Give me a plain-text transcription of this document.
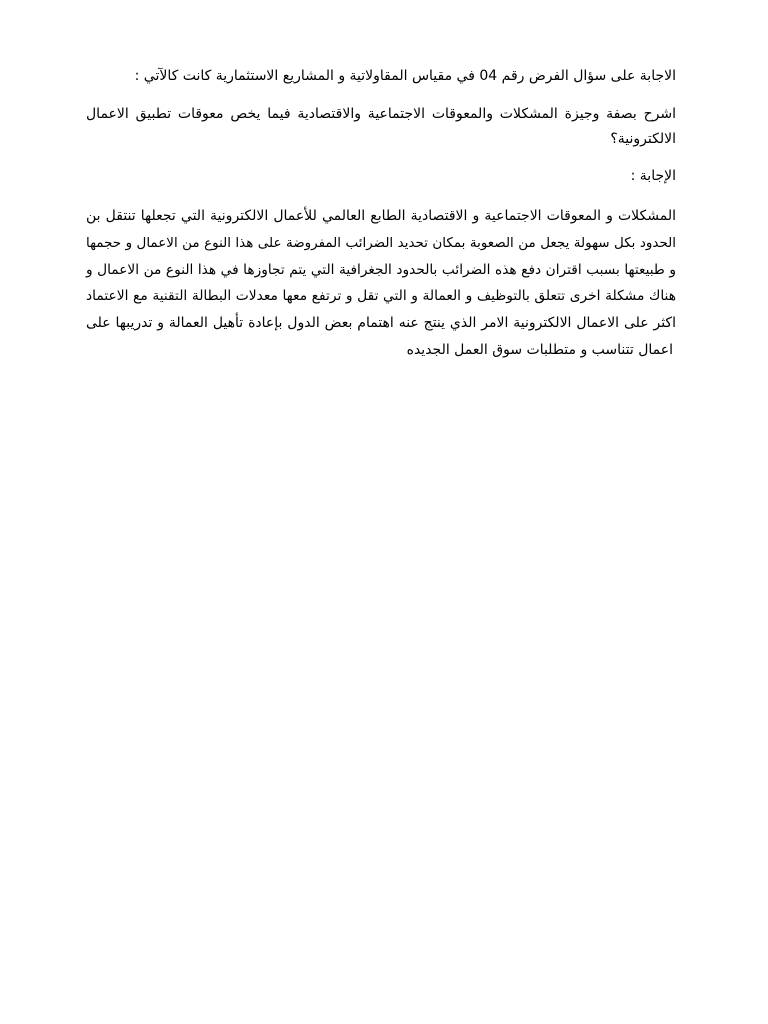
الاجابة على سؤال الفرض رقم 04 في مقياس المقاولاتية و المشاريع الاستثمارية كانت كالآتي :

اشرح بصفة وجيزة المشكلات والمعوقات الاجتماعية والاقتصادية فيما يخص معوقات تطبيق الاعمال
الالكترونية؟

الإجابة :

المشكلات و المعوقات الاجتماعية و الاقتصادية الطابع العالمي للأعمال الالكترونية التي تجعلها تنتقل بن
الحدود بكل سهولة يجعل من الصعوبة بمكان تحديد الضرائب المفروضة على هذا النوع من الاعمال و حجمها
و طبيعتها بسبب اقتران دفع هذه الضرائب بالحدود الجغرافية التي يتم تجاوزها في هذا النوع من الاعمال و
هناك مشكلة اخرى تتعلق بالتوظيف و العمالة و التي تقل و ترتفع معها معدلات البطالة التقنية مع الاعتماد
اكثر على الاعمال الالكترونية الامر الذي ينتج عنه اهتمام بعض الدول بإعادة تأهيل العمالة و تدريبها على
اعمال تتناسب و متطلبات سوق العمل الجديده
